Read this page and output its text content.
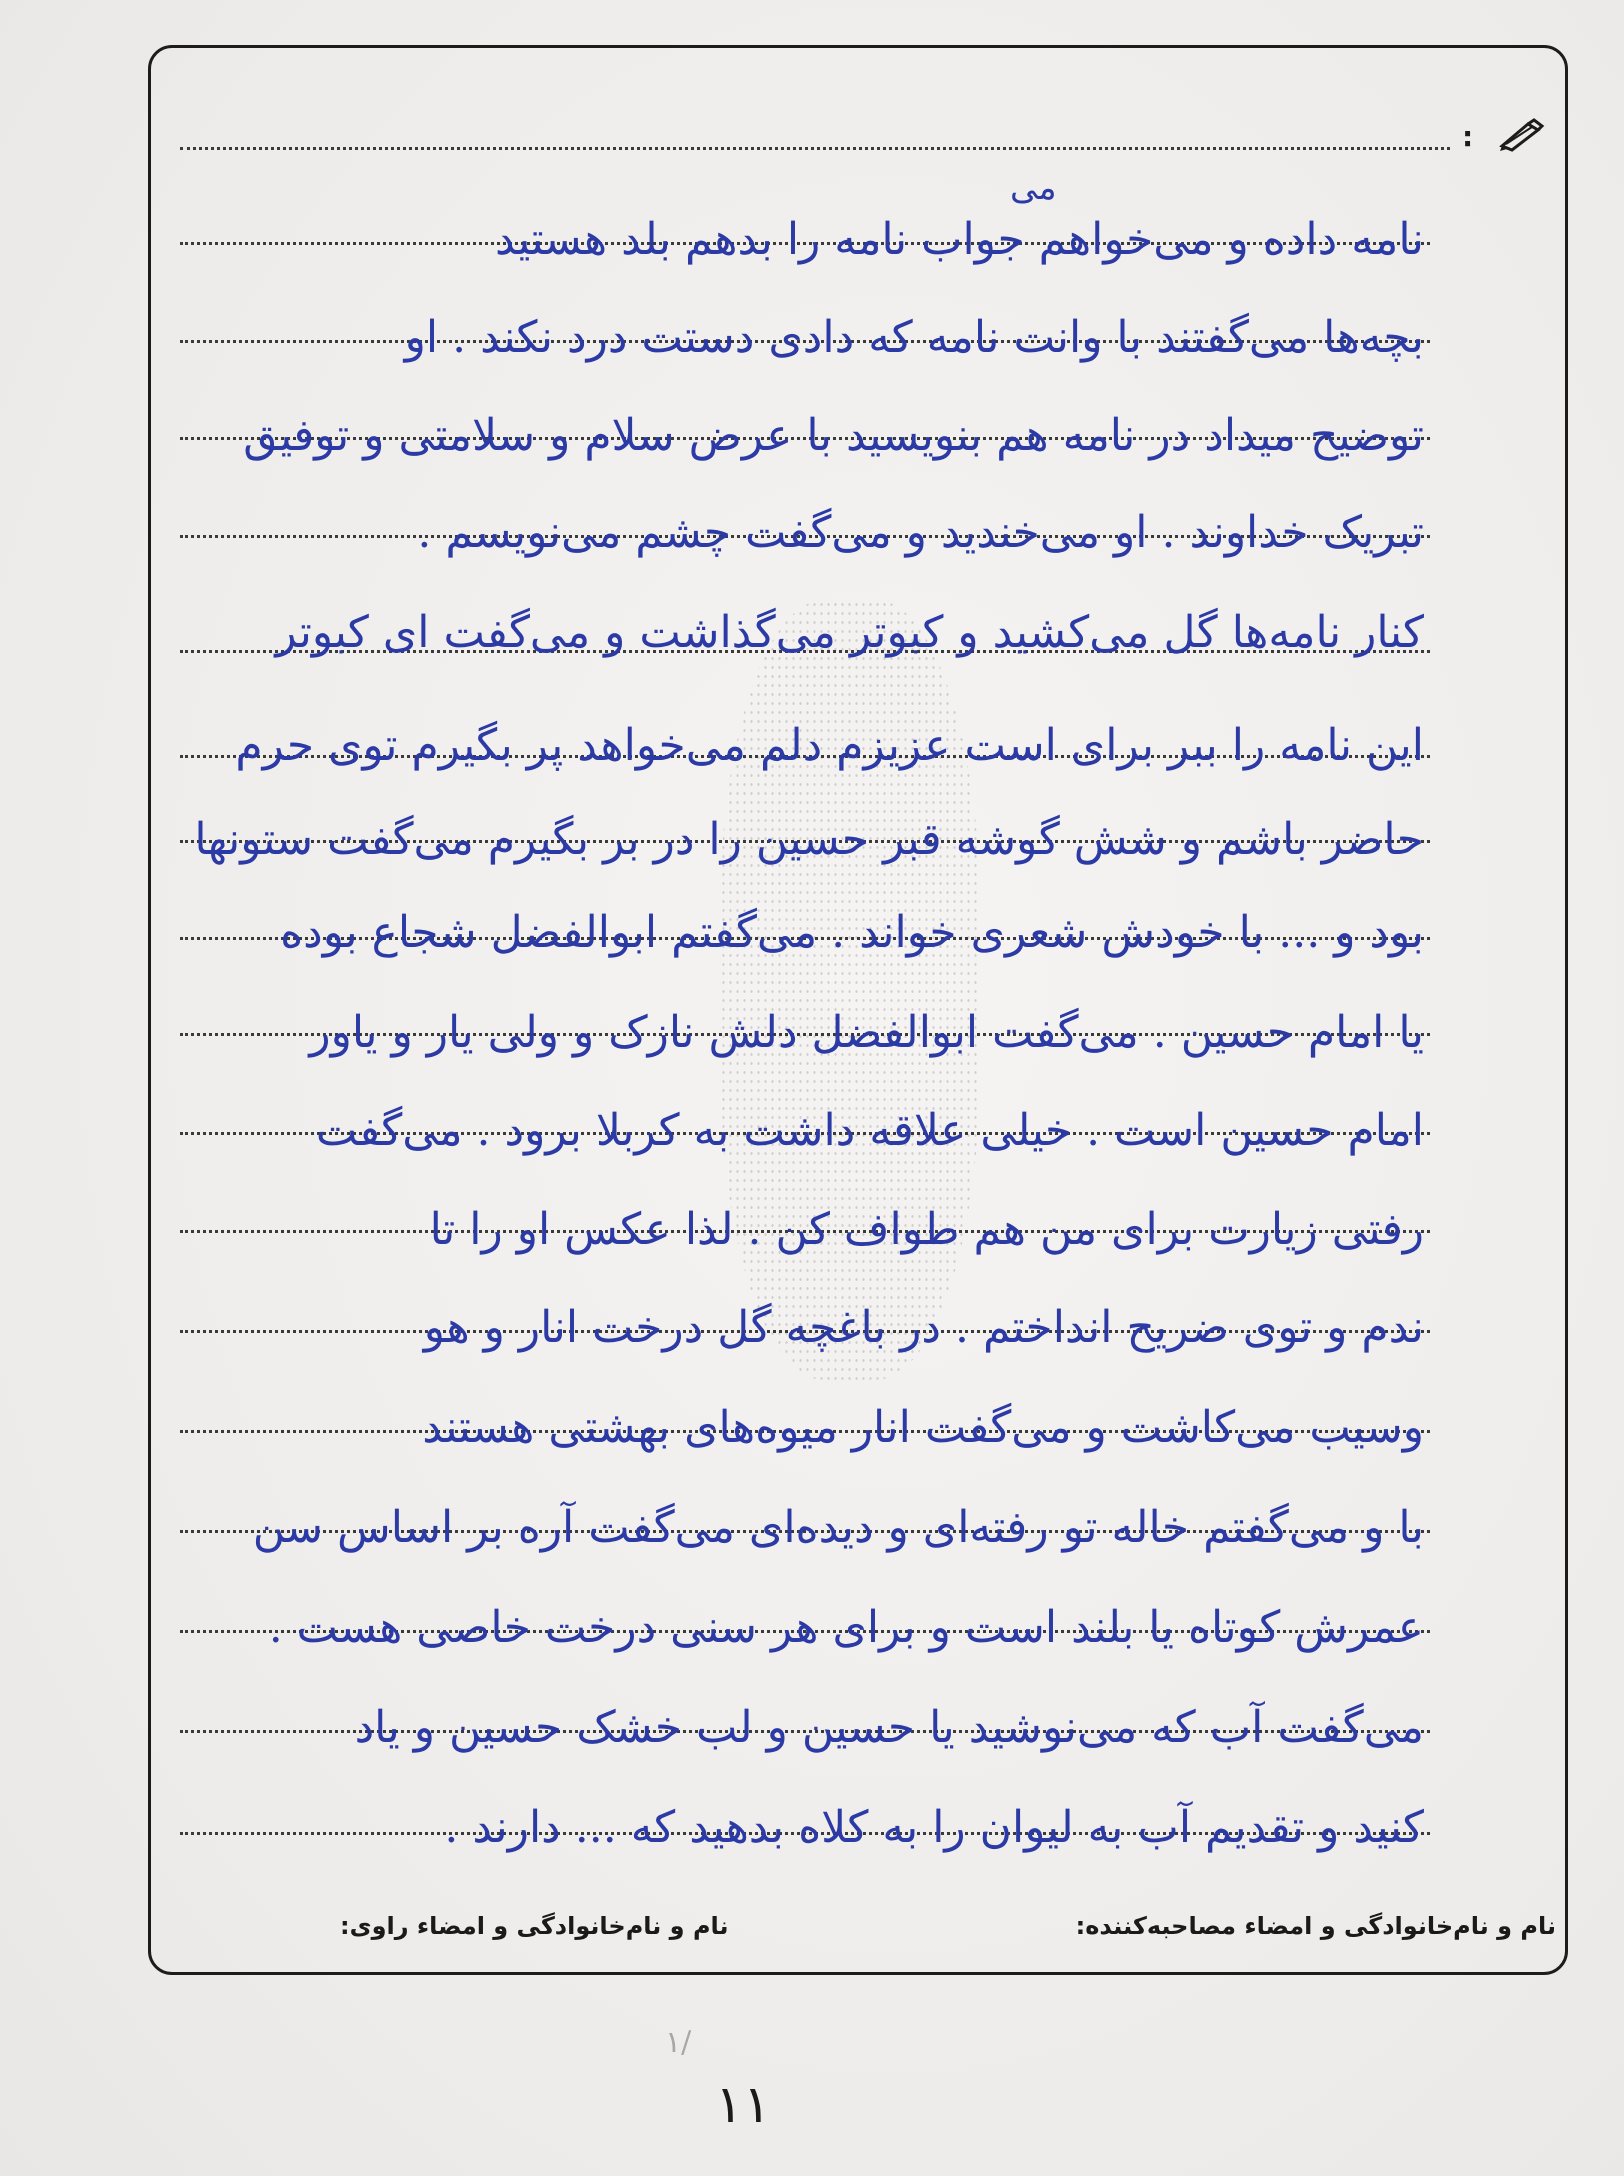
:
می
نامه داده و می‌خواهم جواب نامه را بدهم بلد هستید
بچه‌ها می‌گفتند با وانت نامه که دادی دستت درد نکند . او
توضیح میداد در نامه هم بنویسید با عرض سلام و سلامتی و توفیق
تبریک خداوند . او می‌خندید و می‌گفت چشم می‌نویسم .
کنار نامه‌ها گل می‌کشید و کبوتر می‌گذاشت و می‌گفت ای کبوتر
این نامه را ببر برای است عزیزم دلم می‌خواهد پر بگیرم توی حرم
حاضر باشم و شش گوشه قبر حسین را در بر بگیرم می‌گفت ستونها
بود و ... با خودش شعری خواند . می‌گفتم ابوالفضل شجاع بوده
یا امام حسین . می‌گفت ابوالفضل دلش نازک و ولی یار و یاور
امام حسین است . خیلی علاقه داشت به کربلا برود . می‌گفت
رفتی زیارت برای من هم طواف کن . لذا عکس او را تا
ندم و توی ضریح انداختم . در باغچه گل درخت انار و هو
وسیب می‌کاشت و می‌گفت انار میوه‌های بهشتی هستند
با و می‌گفتم خاله تو رفته‌ای و دیده‌ای می‌گفت آره بر اساس سن
عمرش کوتاه یا بلند است و برای هر سنی درخت خاصی هست .
می‌گفت آب که می‌نوشید یا حسین و لب خشک حسین و یاد
کنید و تقدیم آب به لیوان را به کلاه بدهید که ... دارند .
نام و نام‌خانوادگی و امضاء مصاحبه‌کننده:
نام و نام‌خانوادگی و امضاء راوی:
۱/
۱۱
